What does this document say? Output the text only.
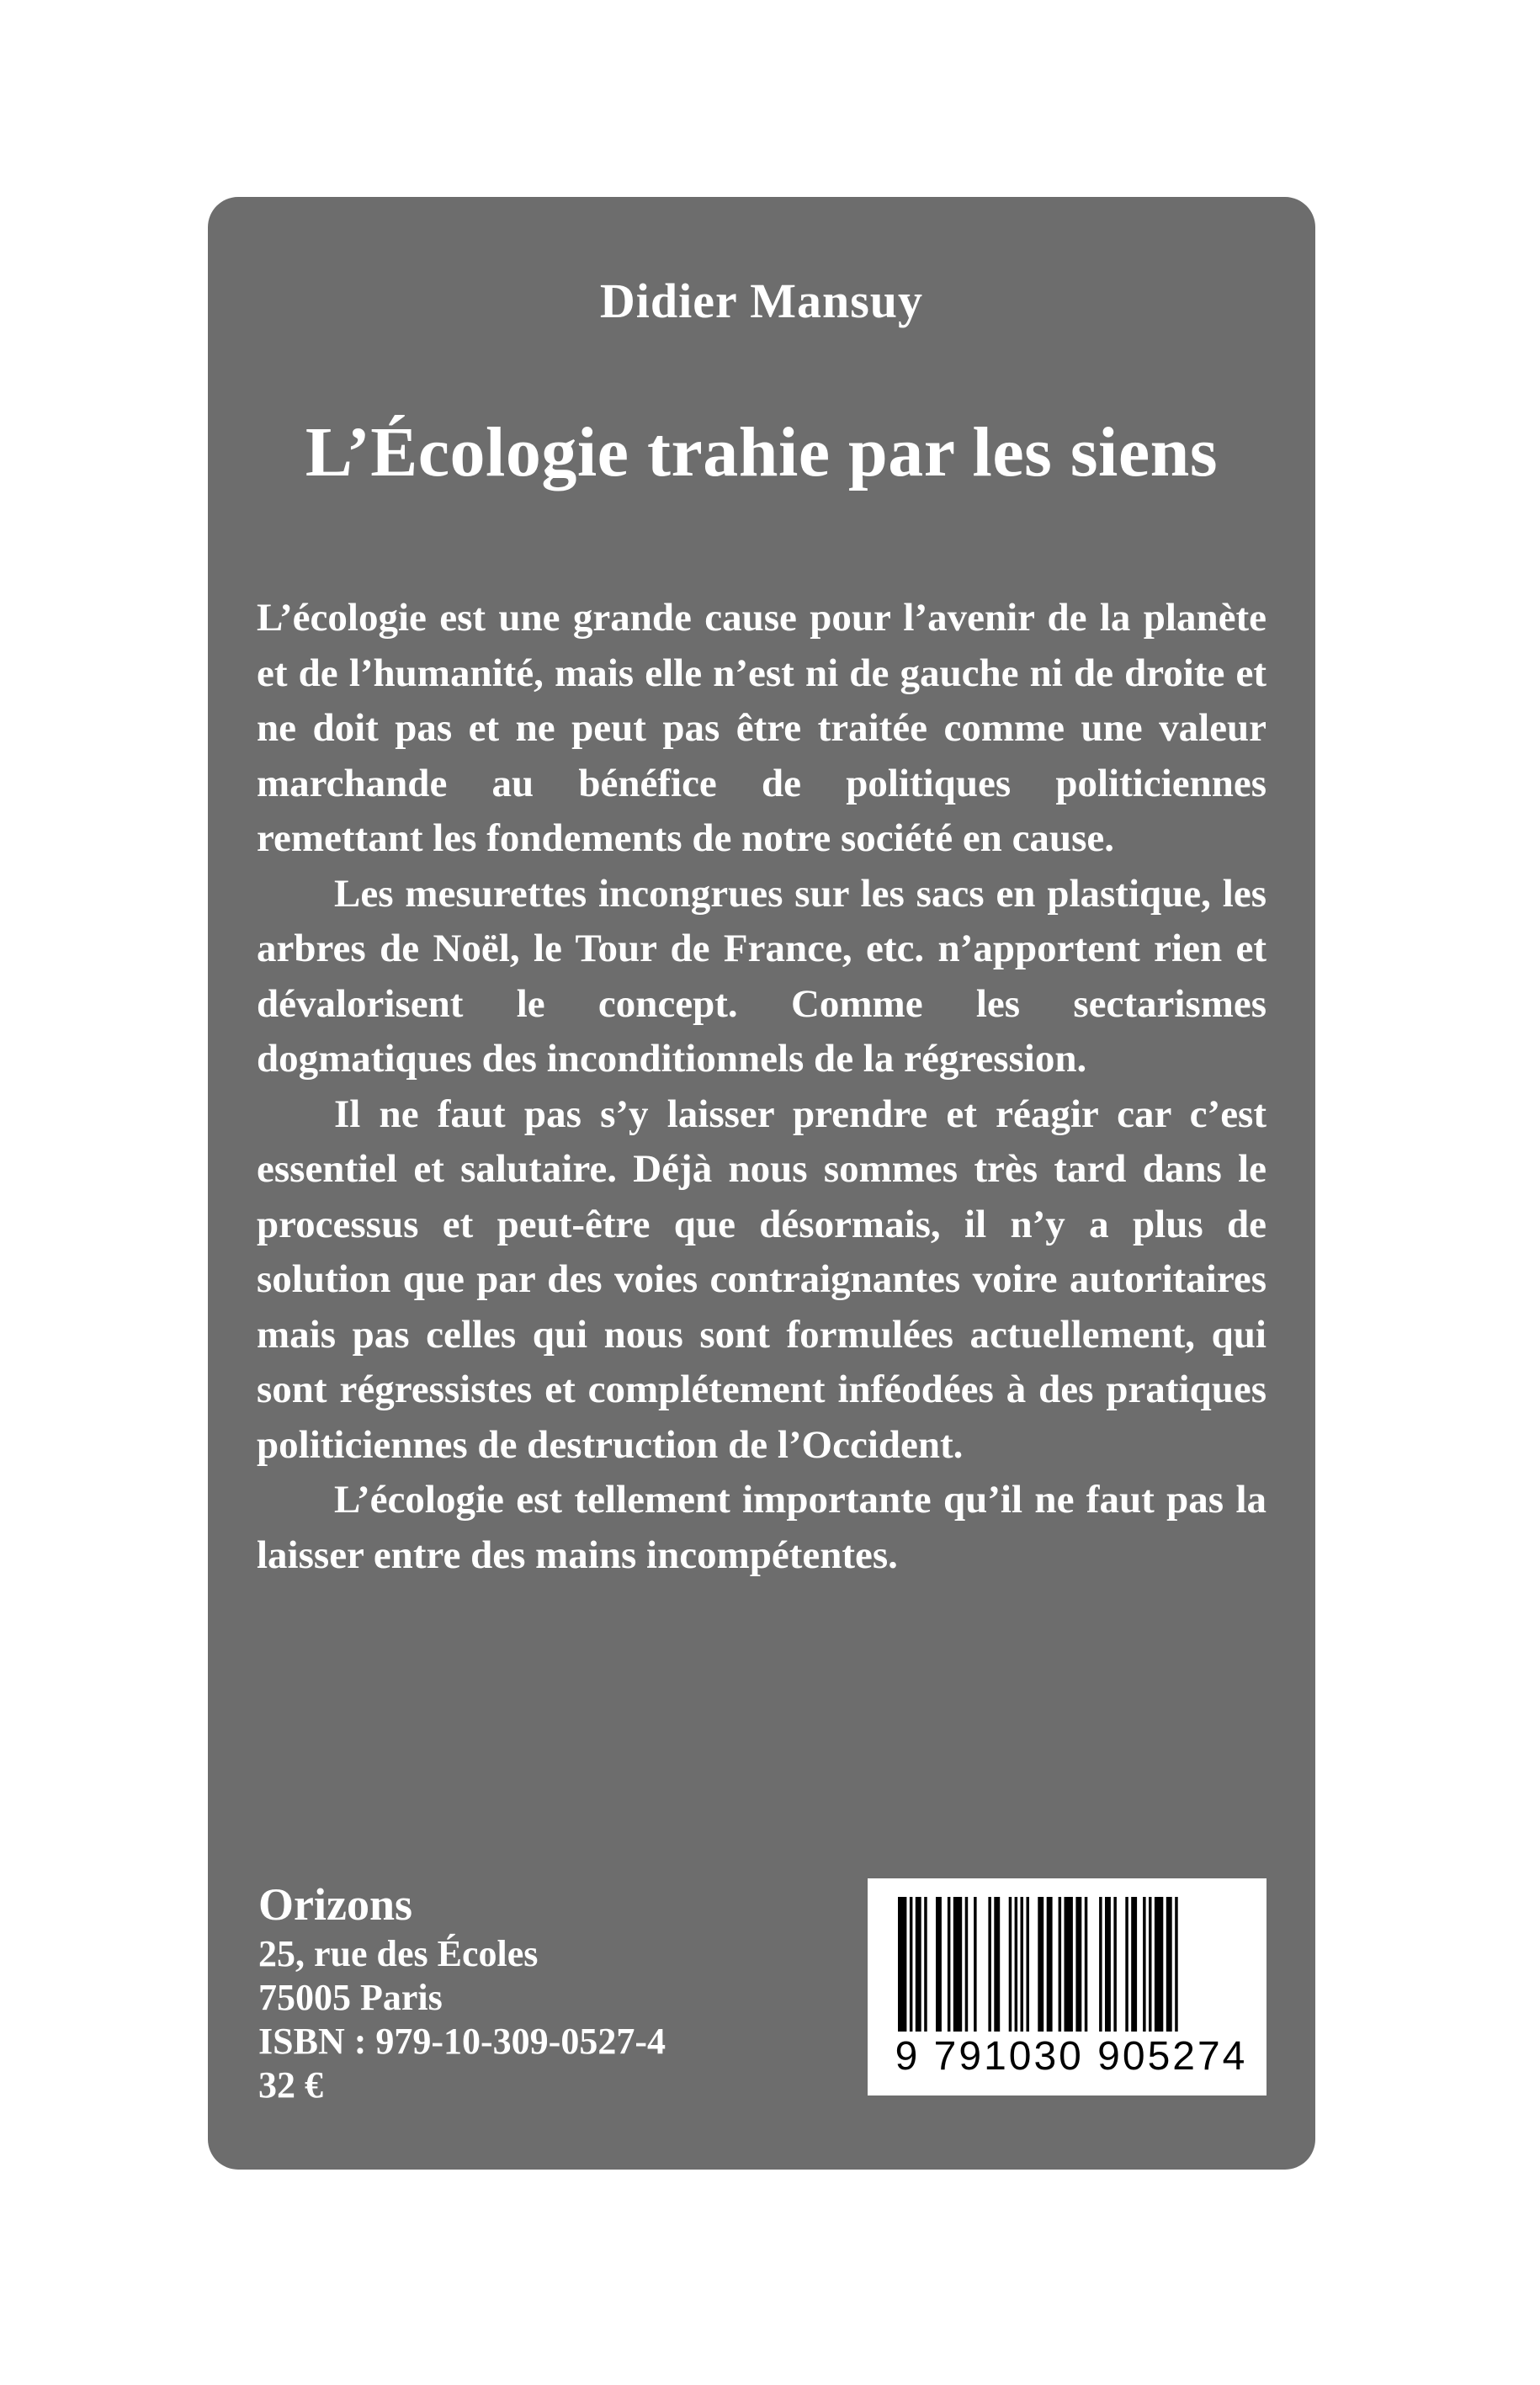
Didier Mansuy
L’Écologie trahie par les siens

L’écologie est une grande cause pour l’avenir de la planète et de l’humanité, mais elle n’est ni de gauche ni de droite et ne doit pas et ne peut pas être traitée comme une valeur marchande au bénéfice de politiques politiciennes remettant les fondements de notre société en cause.

Les mesurettes incongrues sur les sacs en plastique, les arbres de Noël, le Tour de France, etc. n’apportent rien et dévalorisent le concept. Comme les sectarismes dogmatiques des inconditionnels de la régression.

Il ne faut pas s’y laisser prendre et réagir car c’est essentiel et salutaire. Déjà nous sommes très tard dans le processus et peut-être que désormais, il n’y a plus de solution que par des voies contraignantes voire autoritaires mais pas celles qui nous sont formulées actuellement, qui sont régressistes et complétement inféodées à des pratiques politiciennes de destruction de l’Occident.

L’écologie est tellement importante qu’il ne faut pas la laisser entre des mains incompétentes.

Orizons
25, rue des Écoles
75005 Paris
ISBN : 979-10-309-0527-4
32 €
9 791030 905274
